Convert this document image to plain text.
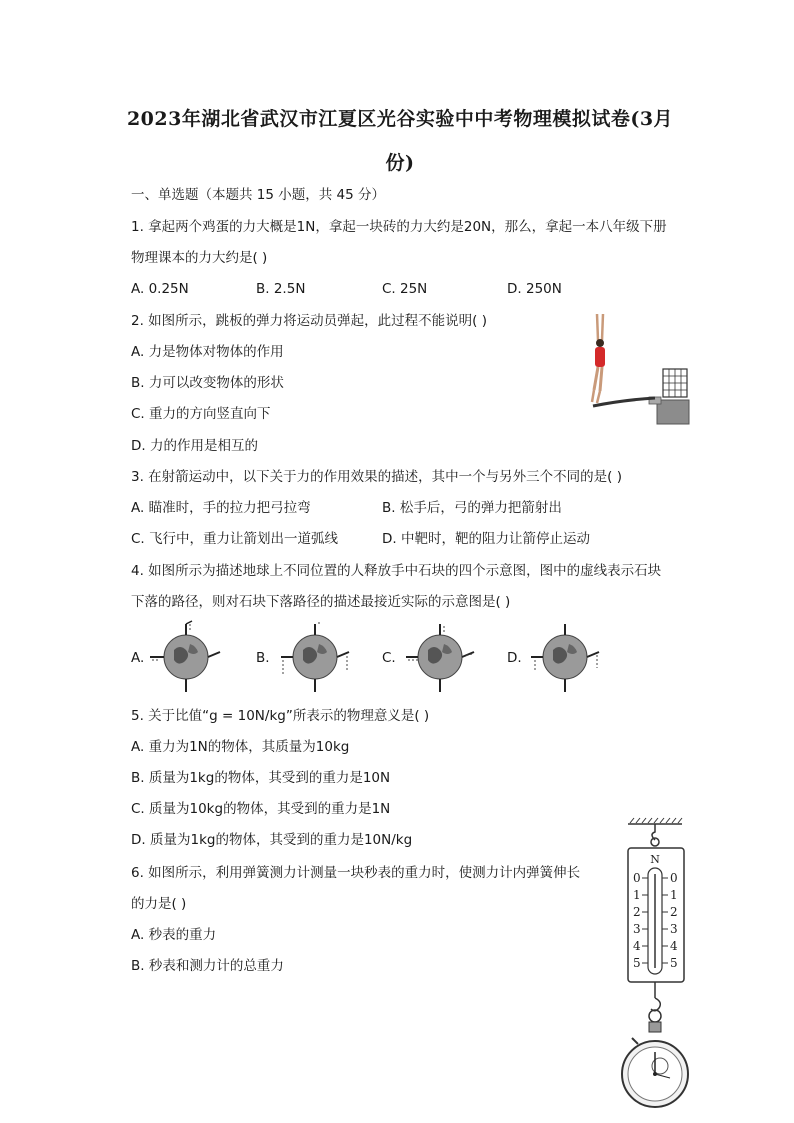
2023年湖北省武汉市江夏区光谷实验中中考物理模拟试卷(3月
份)
一、单选题（本题共 15 小题，共 45 分）
1. 拿起两个鸡蛋的力大概是1N，拿起一块砖的力大约是20N，那么，拿起一本八年级下册
物理课本的力大约是( )
A. 0.25N	B. 2.5N	C. 25N	D. 250N
2. 如图所示，跳板的弹力将运动员弹起，此过程不能说明( )
A. 力是物体对物体的作用
B. 力可以改变物体的形状
C. 重力的方向竖直向下
D. 力的作用是相互的
3. 在射箭运动中，以下关于力的作用效果的描述，其中一个与另外三个不同的是( )
A. 瞄准时，手的拉力把弓拉弯	B. 松手后，弓的弹力把箭射出
C. 飞行中，重力让箭划出一道弧线	D. 中靶时，靶的阻力让箭停止运动
4. 如图所示为描述地球上不同位置的人释放手中石块的四个示意图，图中的虚线表示石块
下落的路径，则对石块下落路径的描述最接近实际的示意图是( )
A.	B.	C.	D.
5. 关于比值“g = 10N/kg”所表示的物理意义是( )
A. 重力为1N的物体，其质量为10kg
B. 质量为1kg的物体，其受到的重力是10N
C. 质量为10kg的物体，其受到的重力是1N
D. 质量为1kg的物体，其受到的重力是10N/kg
6. 如图所示，利用弹簧测力计测量一块秒表的重力时，使测力计内弹簧伸长
的力是( )
A. 秒表的重力
B. 秒表和测力计的总重力
N
0
1
2
3
4
5
0
1
2
3
4
5
